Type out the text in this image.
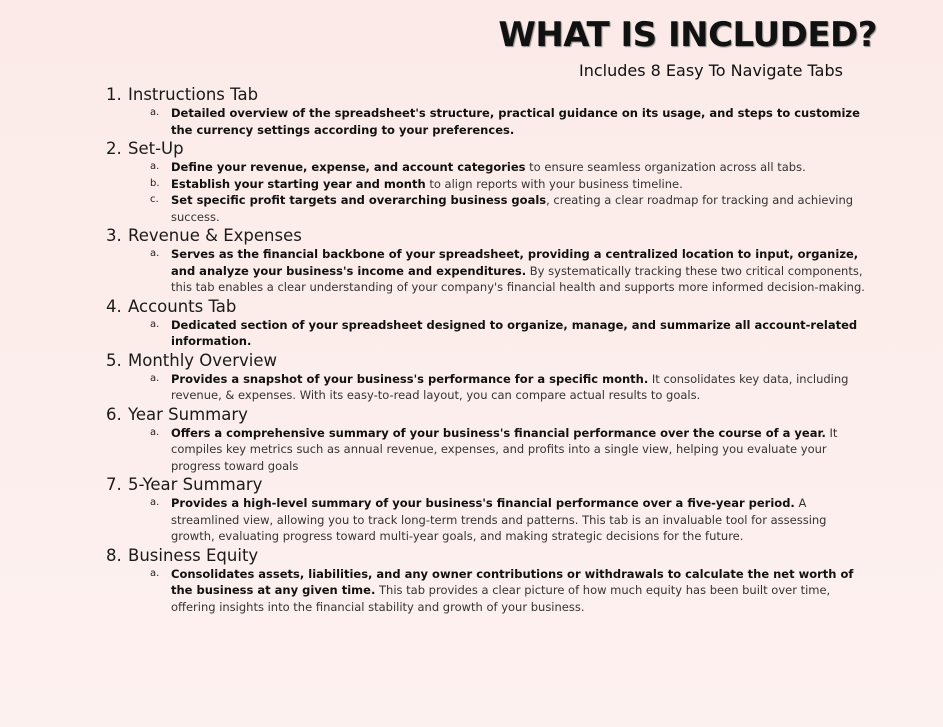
WHAT IS INCLUDED?
Includes 8 Easy To Navigate Tabs
1. Instructions Tab
a. Detailed overview of the spreadsheet's structure, practical guidance on its usage, and steps to customize the currency settings according to your preferences.
2. Set-Up
a. Define your revenue, expense, and account categories to ensure seamless organization across all tabs.
b. Establish your starting year and month to align reports with your business timeline.
c. Set specific profit targets and overarching business goals, creating a clear roadmap for tracking and achieving success.
3. Revenue & Expenses
a. Serves as the financial backbone of your spreadsheet, providing a centralized location to input, organize, and analyze your business's income and expenditures. By systematically tracking these two critical components, this tab enables a clear understanding of your company's financial health and supports more informed decision-making.
4. Accounts Tab
a. Dedicated section of your spreadsheet designed to organize, manage, and summarize all account-related information.
5. Monthly Overview
a. Provides a snapshot of your business's performance for a specific month. It consolidates key data, including revenue, & expenses. With its easy-to-read layout, you can compare actual results to goals.
6. Year Summary
a. Offers a comprehensive summary of your business's financial performance over the course of a year. It compiles key metrics such as annual revenue, expenses, and profits into a single view, helping you evaluate your progress toward goals
7. 5-Year Summary
a. Provides a high-level summary of your business's financial performance over a five-year period. A streamlined view, allowing you to track long-term trends and patterns. This tab is an invaluable tool for assessing growth, evaluating progress toward multi-year goals, and making strategic decisions for the future.
8. Business Equity
a. Consolidates assets, liabilities, and any owner contributions or withdrawals to calculate the net worth of the business at any given time. This tab provides a clear picture of how much equity has been built over time, offering insights into the financial stability and growth of your business.
